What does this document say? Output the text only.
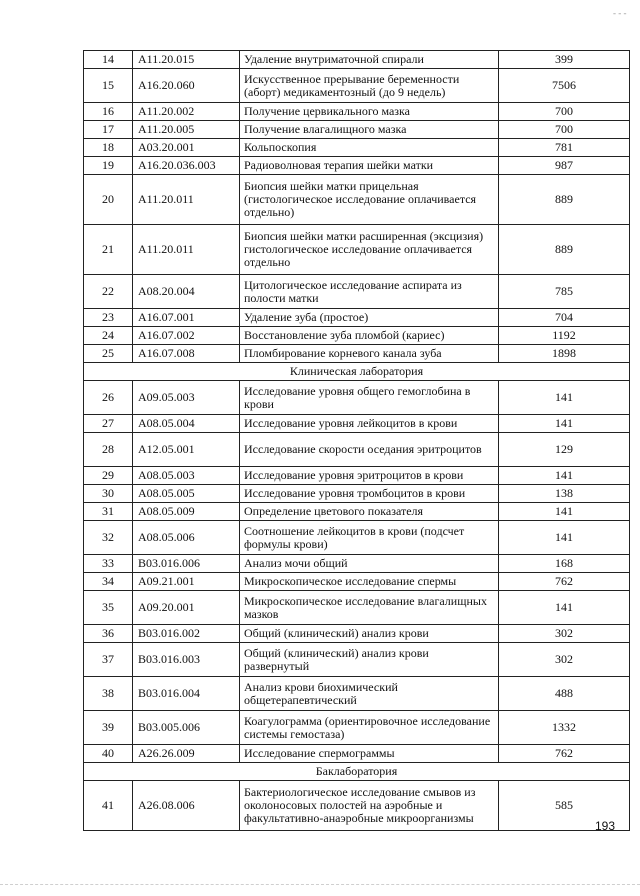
- - -
14	A11.20.015	Удаление внутриматочной спирали	399
15	A16.20.060	Искусственное прерывание беременности (аборт) медикаментозный (до 9 недель)	7506
16	A11.20.002	Получение цервикального мазка	700
17	A11.20.005	Получение влагалищного мазка	700
18	A03.20.001	Кольпоскопия	781
19	A16.20.036.003	Радиоволновая терапия шейки матки	987
20	A11.20.011	Биопсия шейки матки прицельная (гистологическое исследование оплачивается отдельно)	889
21	A11.20.011	Биопсия шейки матки расширенная (эксцизия) гистологическое исследование оплачивается отдельно	889
22	A08.20.004	Цитологическое исследование аспирата из полости матки	785
23	A16.07.001	Удаление зуба (простое)	704
24	A16.07.002	Восстановление зуба пломбой (кариес)	1192
25	A16.07.008	Пломбирование корневого канала зуба	1898
Клиническая лаборатория			
26	A09.05.003	Исследование уровня общего гемоглобина в крови	141
27	A08.05.004	Исследование уровня лейкоцитов в крови	141
28	A12.05.001	Исследование скорости оседания эритроцитов	129
29	A08.05.003	Исследование уровня эритроцитов в крови	141
30	A08.05.005	Исследование уровня тромбоцитов в крови	138
31	A08.05.009	Определение цветового показателя	141
32	A08.05.006	Соотношение лейкоцитов в крови (подсчет формулы крови)	141
33	B03.016.006	Анализ мочи общий	168
34	A09.21.001	Микроскопическое исследование спермы	762
35	A09.20.001	Микроскопическое исследование влагалищных мазков	141
36	B03.016.002	Общий (клинический) анализ крови	302
37	B03.016.003	Общий (клинический) анализ крови развернутый	302
38	B03.016.004	Анализ крови биохимический общетерапевтический	488
39	B03.005.006	Коагулограмма (ориентировочное исследование системы гемостаза)	1332
40	A26.26.009	Исследование спермограммы	762
Баклаборатория			
41	A26.08.006	Бактериологическое исследование смывов из околоносовых полостей на аэробные и факультативно-анаэробные микроорганизмы	585
193
